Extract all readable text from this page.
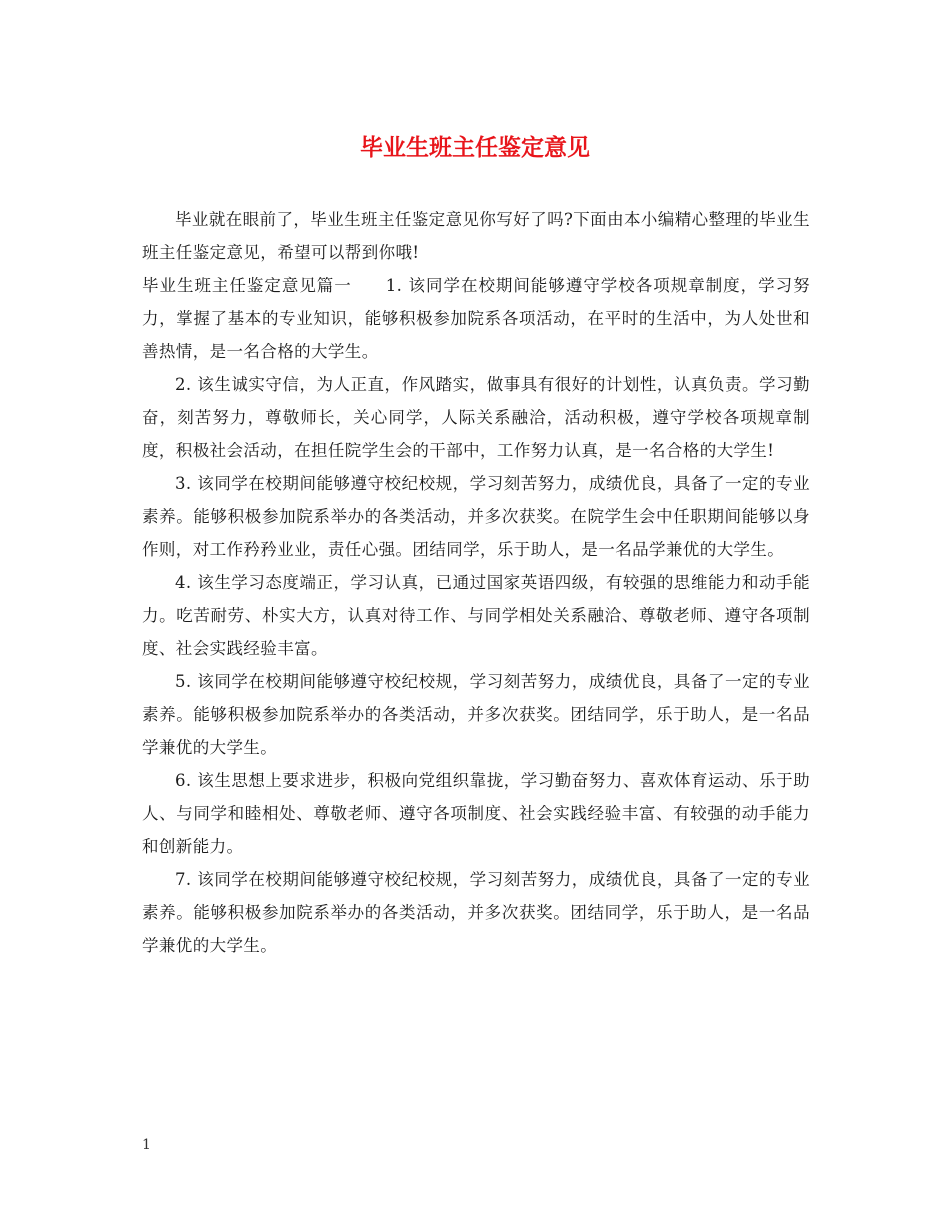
毕业生班主任鉴定意见

毕业就在眼前了，毕业生班主任鉴定意见你写好了吗?下面由本小编精心整理的毕业生班主任鉴定意见，希望可以帮到你哦!

毕业生班主任鉴定意见篇一 1. 该同学在校期间能够遵守学校各项规章制度，学习努力，掌握了基本的专业知识，能够积极参加院系各项活动，在平时的生活中，为人处世和善热情，是一名合格的大学生。

2. 该生诚实守信，为人正直，作风踏实，做事具有很好的计划性，认真负责。学习勤奋，刻苦努力，尊敬师长，关心同学，人际关系融洽，活动积极，遵守学校各项规章制度，积极社会活动，在担任院学生会的干部中，工作努力认真，是一名合格的大学生!

3. 该同学在校期间能够遵守校纪校规，学习刻苦努力，成绩优良，具备了一定的专业素养。能够积极参加院系举办的各类活动，并多次获奖。在院学生会中任职期间能够以身作则，对工作矜矜业业，责任心强。团结同学，乐于助人，是一名品学兼优的大学生。

4. 该生学习态度端正，学习认真，已通过国家英语四级，有较强的思维能力和动手能力。吃苦耐劳、朴实大方，认真对待工作、与同学相处关系融洽、尊敬老师、遵守各项制度、社会实践经验丰富。

5. 该同学在校期间能够遵守校纪校规，学习刻苦努力，成绩优良，具备了一定的专业素养。能够积极参加院系举办的各类活动，并多次获奖。团结同学，乐于助人，是一名品学兼优的大学生。

6. 该生思想上要求进步，积极向党组织靠拢，学习勤奋努力、喜欢体育运动、乐于助人、与同学和睦相处、尊敬老师、遵守各项制度、社会实践经验丰富、有较强的动手能力和创新能力。

7. 该同学在校期间能够遵守校纪校规，学习刻苦努力，成绩优良，具备了一定的专业素养。能够积极参加院系举办的各类活动，并多次获奖。团结同学，乐于助人，是一名品学兼优的大学生。

1
